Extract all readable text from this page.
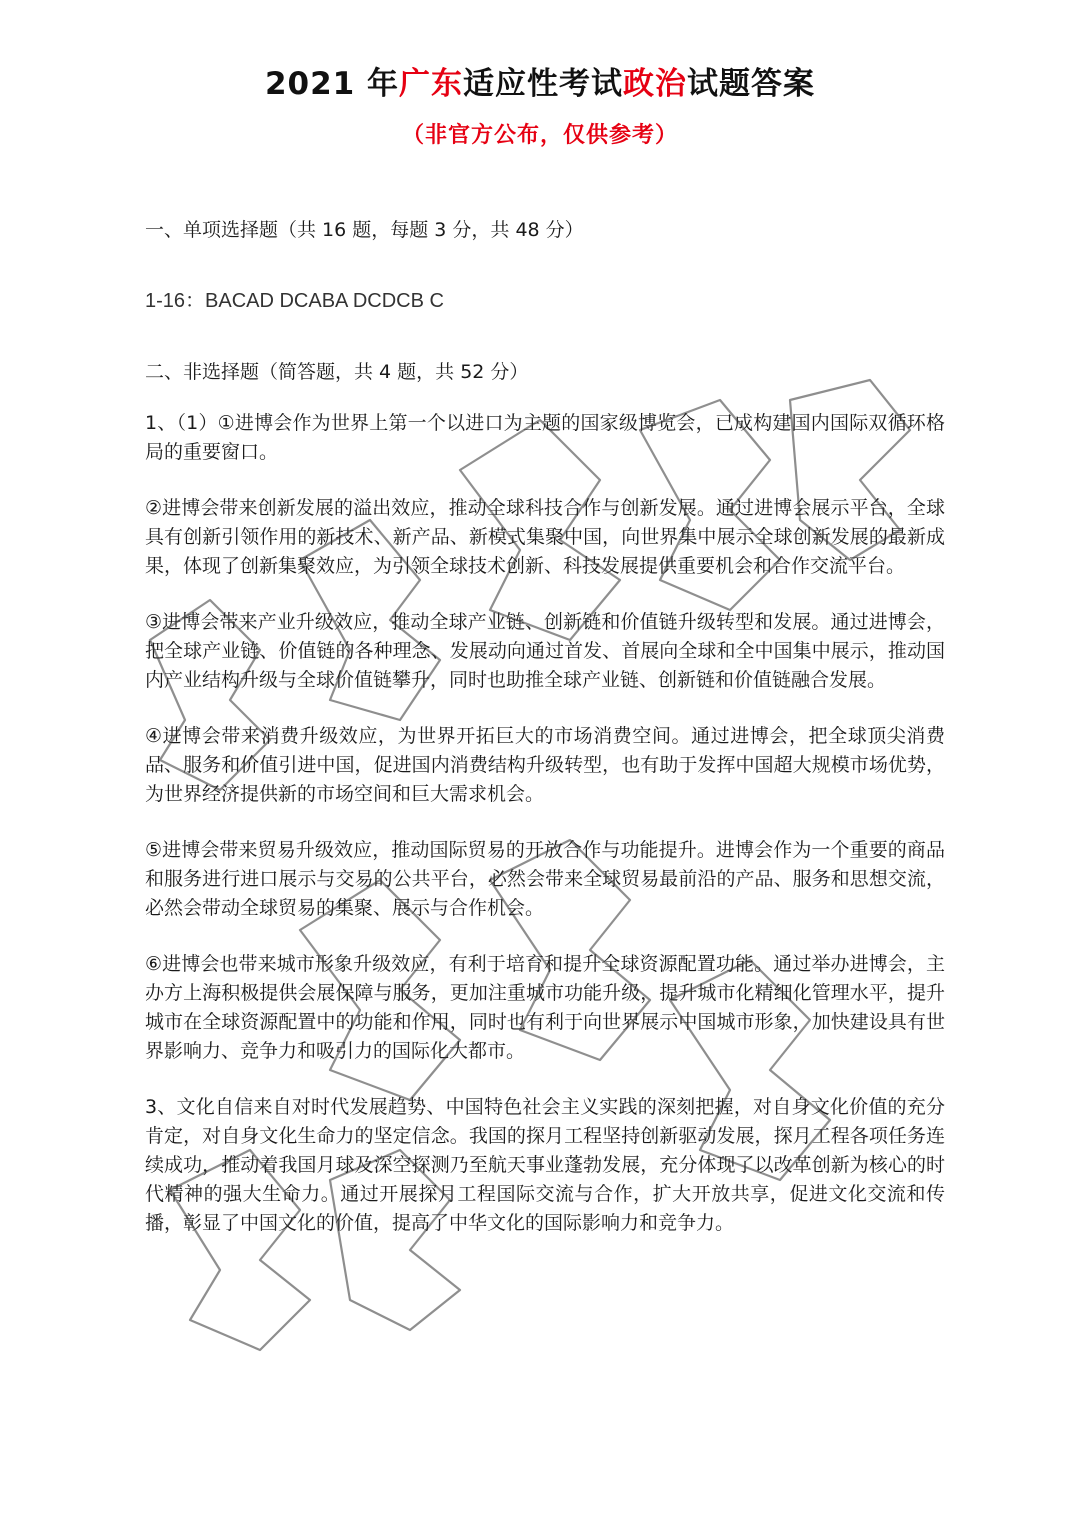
2021 年广东适应性考试政治试题答案
（非官方公布，仅供参考）
一、单项选择题（共 16 题，每题 3 分，共 48 分）
1-16：BACAD DCABA DCDCB C
二、非选择题（简答题，共 4 题，共 52 分）
1、（1）①进博会作为世界上第一个以进口为主题的国家级博览会，已成构建国内国际双循环格局的重要窗口。
②进博会带来创新发展的溢出效应，推动全球科技合作与创新发展。通过进博会展示平台，全球具有创新引领作用的新技术、新产品、新模式集聚中国，向世界集中展示全球创新发展的最新成果，体现了创新集聚效应，为引领全球技术创新、科技发展提供重要机会和合作交流平台。
③进博会带来产业升级效应，推动全球产业链、创新链和价值链升级转型和发展。通过进博会，把全球产业链、价值链的各种理念、发展动向通过首发、首展向全球和全中国集中展示，推动国内产业结构升级与全球价值链攀升，同时也助推全球产业链、创新链和价值链融合发展。
④进博会带来消费升级效应，为世界开拓巨大的市场消费空间。通过进博会，把全球顶尖消费品、服务和价值引进中国，促进国内消费结构升级转型，也有助于发挥中国超大规模市场优势，为世界经济提供新的市场空间和巨大需求机会。
⑤进博会带来贸易升级效应，推动国际贸易的开放合作与功能提升。进博会作为一个重要的商品和服务进行进口展示与交易的公共平台，必然会带来全球贸易最前沿的产品、服务和思想交流，必然会带动全球贸易的集聚、展示与合作机会。
⑥进博会也带来城市形象升级效应，有利于培育和提升全球资源配置功能。通过举办进博会，主办方上海积极提供会展保障与服务，更加注重城市功能升级，提升城市化精细化管理水平，提升城市在全球资源配置中的功能和作用，同时也有利于向世界展示中国城市形象，加快建设具有世界影响力、竞争力和吸引力的国际化大都市。
3、文化自信来自对时代发展趋势、中国特色社会主义实践的深刻把握，对自身文化价值的充分肯定，对自身文化生命力的坚定信念。我国的探月工程坚持创新驱动发展，探月工程各项任务连续成功，推动着我国月球及深空探测乃至航天事业蓬勃发展，充分体现了以改革创新为核心的时代精神的强大生命力。通过开展探月工程国际交流与合作，扩大开放共享，促进文化交流和传播，彰显了中国文化的价值，提高了中华文化的国际影响力和竞争力。
